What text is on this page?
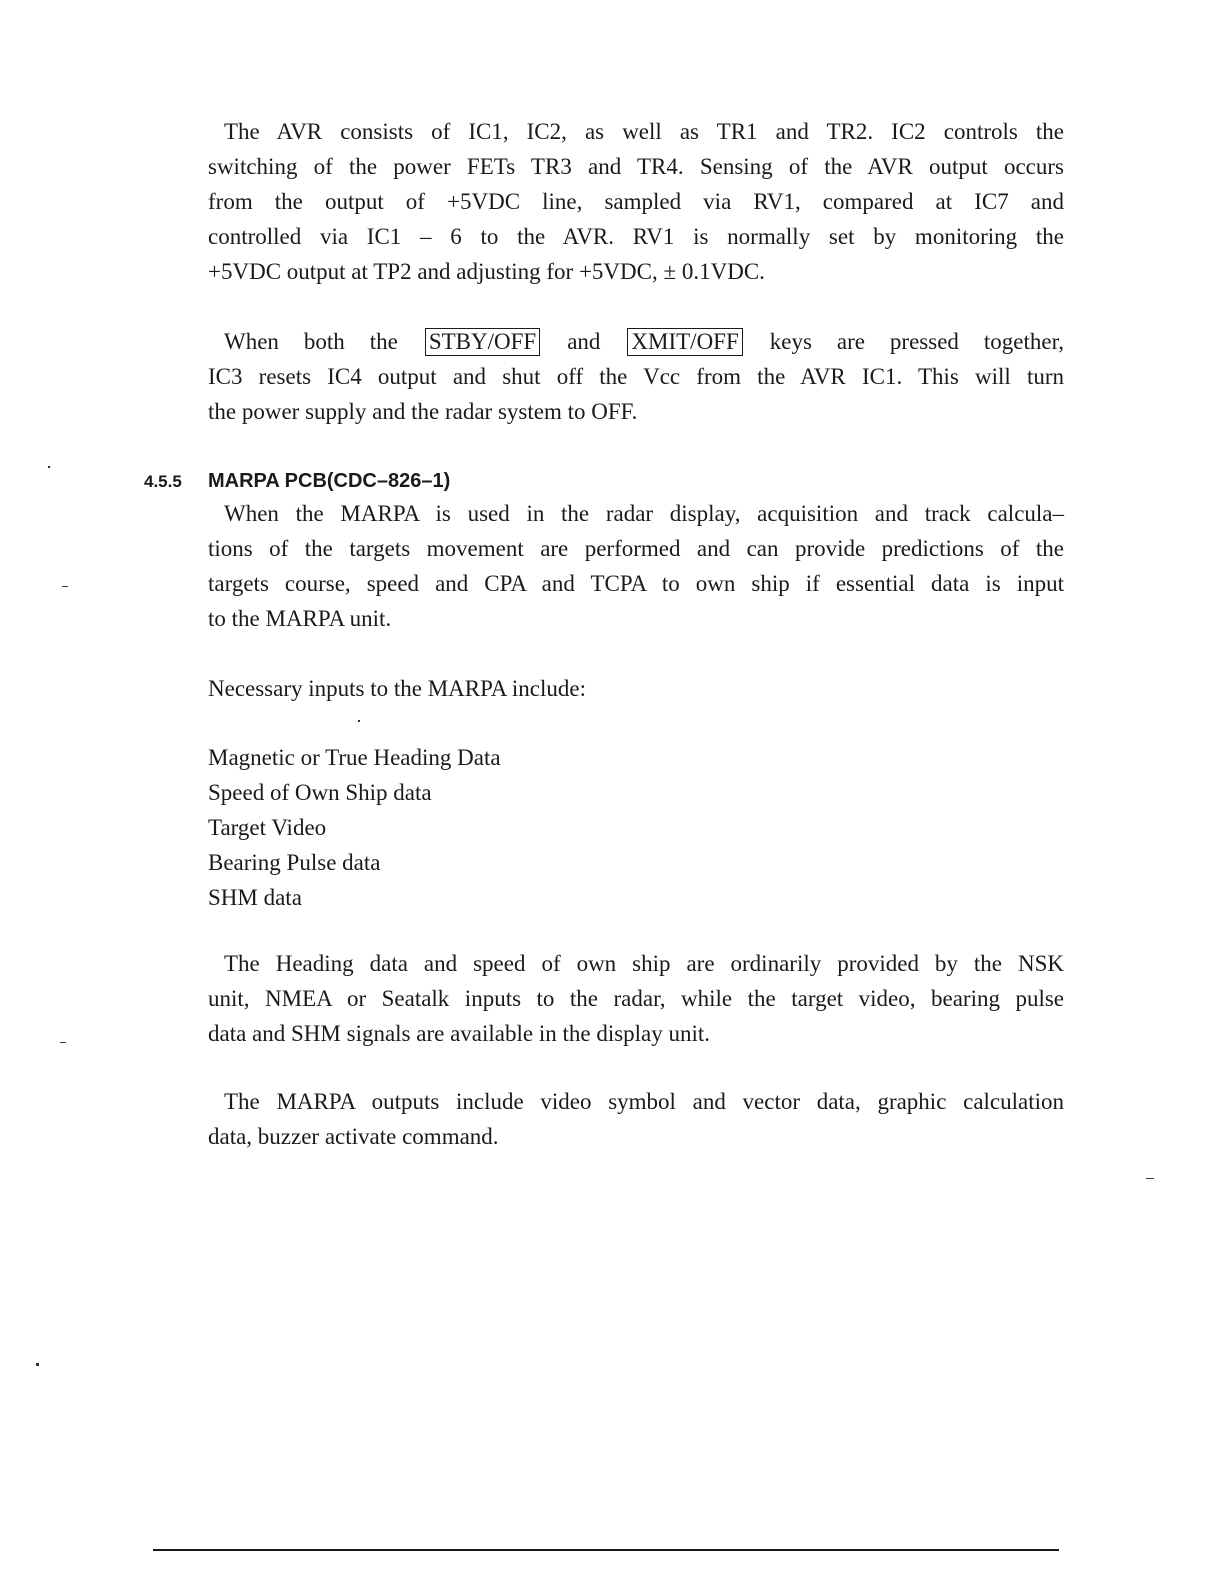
The AVR consists of IC1, IC2, as well as TR1 and TR2. IC2 controls the
switching of the power FETs TR3 and TR4. Sensing of the AVR output occurs
from the output of +5VDC line, sampled via RV1, compared at IC7 and
controlled via IC1 – 6 to the AVR. RV1 is normally set by monitoring the
+5VDC output at TP2 and adjusting for +5VDC, ± 0.1VDC.

When both the STBY/OFF and XMIT/OFF keys are pressed together,
IC3 resets IC4 output and shut off the Vcc from the AVR IC1. This will turn
the power supply and the radar system to OFF.

4.5.5 MARPA PCB(CDC–826–1)

When the MARPA is used in the radar display, acquisition and track calcula–
tions of the targets movement are performed and can provide predictions of the
targets course, speed and CPA and TCPA to own ship if essential data is input
to the MARPA unit.

Necessary inputs to the MARPA include:

Magnetic or True Heading Data
Speed of Own Ship data
Target Video
Bearing Pulse data
SHM data

The Heading data and speed of own ship are ordinarily provided by the NSK
unit, NMEA or Seatalk inputs to the radar, while the target video, bearing pulse
data and SHM signals are available in the display unit.

The MARPA outputs include video symbol and vector data, graphic calculation
data, buzzer activate command.
